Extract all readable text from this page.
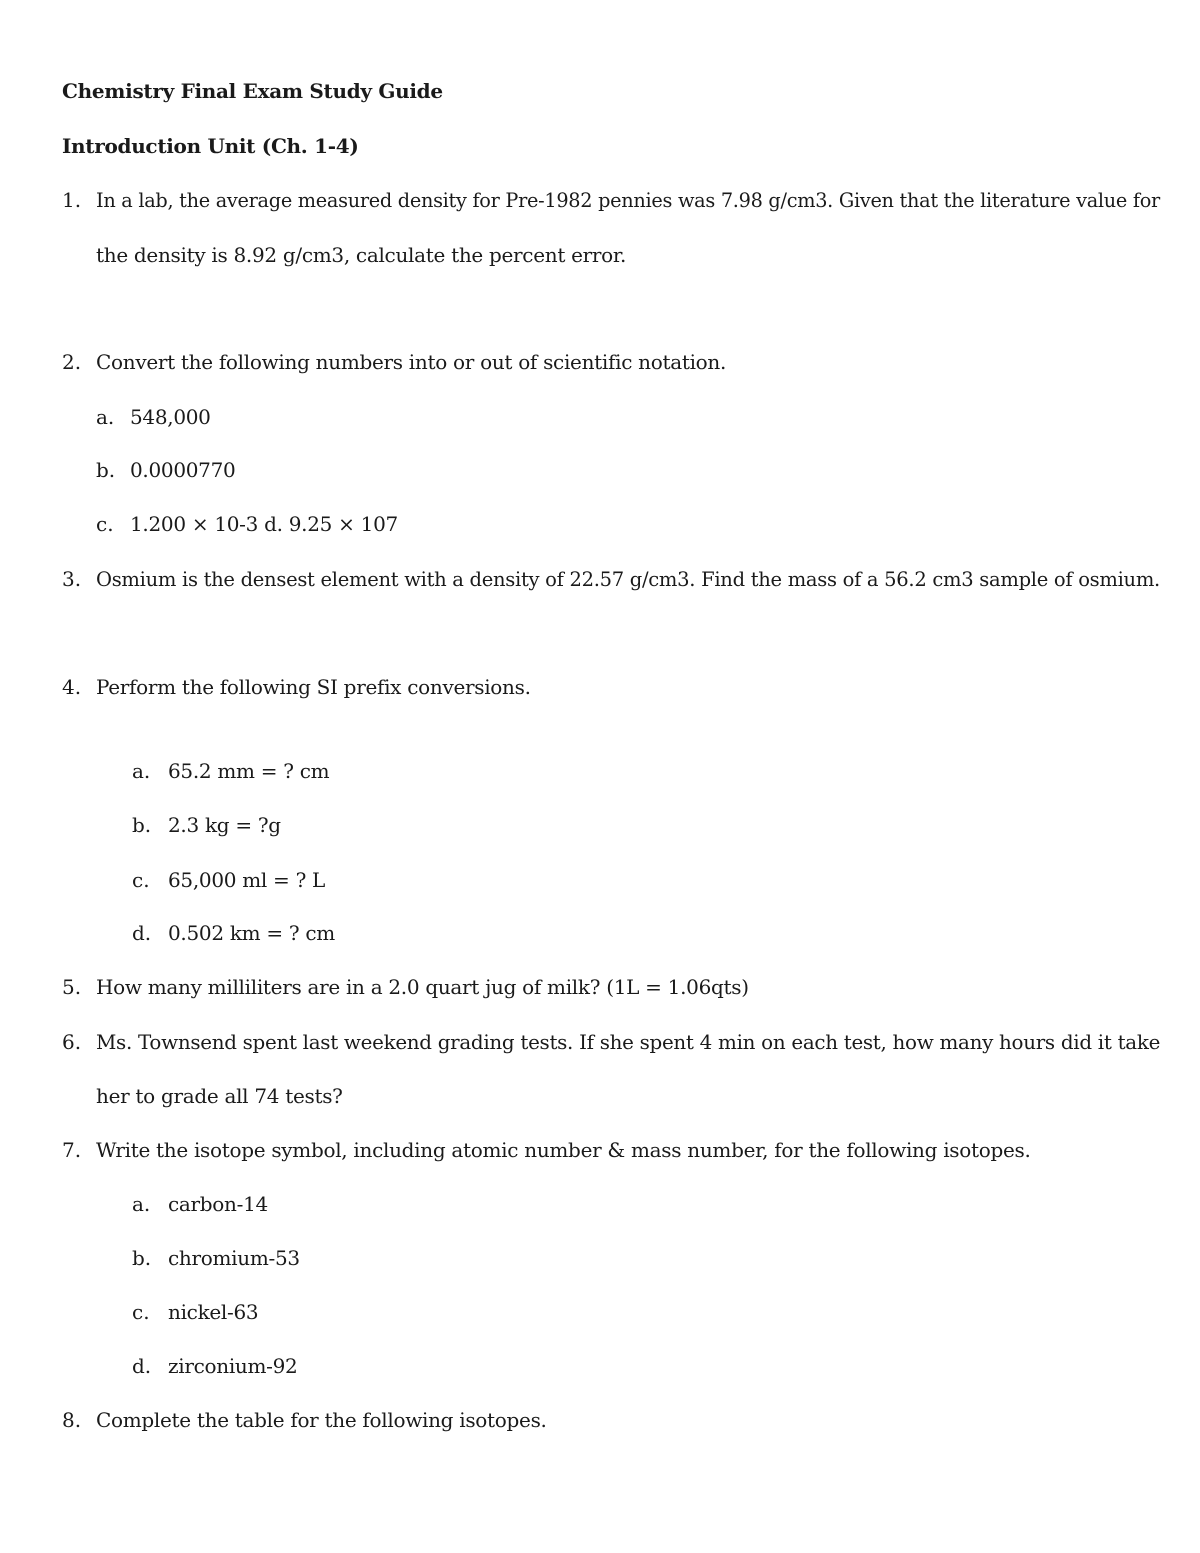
Chemistry Final Exam Study Guide
Introduction Unit (Ch. 1-4)
1. In a lab, the average measured density for Pre-1982 pennies was 7.98 g/cm3. Given that the literature value for
the density is 8.92 g/cm3, calculate the percent error.
2. Convert the following numbers into or out of scientific notation.
a. 548,000
b. 0.0000770
c. 1.200 × 10-3 d. 9.25 × 107
3. Osmium is the densest element with a density of 22.57 g/cm3. Find the mass of a 56.2 cm3 sample of osmium.
4. Perform the following SI prefix conversions.
a. 65.2 mm = ? cm
b. 2.3 kg = ?g
c. 65,000 ml = ? L
d. 0.502 km = ? cm
5. How many milliliters are in a 2.0 quart jug of milk? (1L = 1.06qts)
6. Ms. Townsend spent last weekend grading tests. If she spent 4 min on each test, how many hours did it take
her to grade all 74 tests?
7. Write the isotope symbol, including atomic number & mass number, for the following isotopes.
a. carbon-14
b. chromium-53
c. nickel-63
d. zirconium-92
8. Complete the table for the following isotopes.
